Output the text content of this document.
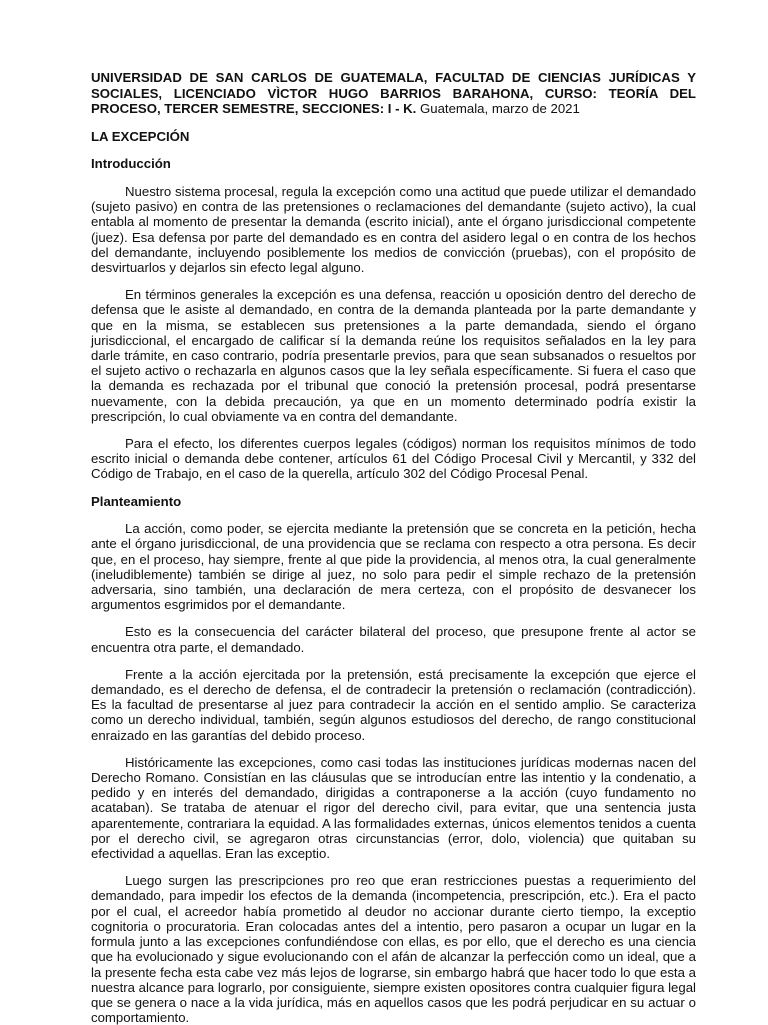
UNIVERSIDAD DE SAN CARLOS DE GUATEMALA, FACULTAD DE CIENCIAS JURÍDICAS Y SOCIALES, LICENCIADO VÌCTOR HUGO BARRIOS BARAHONA, CURSO: TEORÍA DEL PROCESO, TERCER SEMESTRE, SECCIONES: I - K. Guatemala, marzo de 2021

LA EXCEPCIÓN
Introducción

Nuestro sistema procesal, regula la excepción como una actitud que puede utilizar el demandado (sujeto pasivo) en contra de las pretensiones o reclamaciones del demandante (sujeto activo), la cual entabla al momento de presentar la demanda (escrito inicial), ante el órgano jurisdiccional competente (juez). Esa defensa por parte del demandado es en contra del asidero legal o en contra de los hechos del demandante, incluyendo posiblemente los medios de convicción (pruebas), con el propósito de desvirtuarlos y dejarlos sin efecto legal alguno.

En términos generales la excepción es una defensa, reacción u oposición dentro del derecho de defensa que le asiste al demandado, en contra de la demanda planteada por la parte demandante y que en la misma, se establecen sus pretensiones a la parte demandada, siendo el órgano jurisdiccional, el encargado de calificar sí la demanda reúne los requisitos señalados en la ley para darle trámite, en caso contrario, podría presentarle previos, para que sean subsanados o resueltos por el sujeto activo o rechazarla en algunos casos que la ley señala específicamente. Si fuera el caso que la demanda es rechazada por el tribunal que conoció la pretensión procesal, podrá presentarse nuevamente, con la debida precaución, ya que en un momento determinado podría existir la prescripción, lo cual obviamente va en contra del demandante.

Para el efecto, los diferentes cuerpos legales (códigos) norman los requisitos mínimos de todo escrito inicial o demanda debe contener, artículos 61 del Código Procesal Civil y Mercantil, y 332 del Código de Trabajo, en el caso de la querella, artículo 302 del Código Procesal Penal.

Planteamiento

La acción, como poder, se ejercita mediante la pretensión que se concreta en la petición, hecha ante el órgano jurisdiccional, de una providencia que se reclama con respecto a otra persona. Es decir que, en el proceso, hay siempre, frente al que pide la providencia, al menos otra, la cual generalmente (ineludiblemente) también se dirige al juez, no solo para pedir el simple rechazo de la pretensión adversaria, sino también, una declaración de mera certeza, con el propósito de desvanecer los argumentos esgrimidos por el demandante.

Esto es la consecuencia del carácter bilateral del proceso, que presupone frente al actor se encuentra otra parte, el demandado.

Frente a la acción ejercitada por la pretensión, está precisamente la excepción que ejerce el demandado, es el derecho de defensa, el de contradecir la pretensión o reclamación (contradicción). Es la facultad de presentarse al juez para contradecir la acción en el sentido amplio. Se caracteriza como un derecho individual, también, según algunos estudiosos del derecho, de rango constitucional enraizado en las garantías del debido proceso.

Históricamente las excepciones, como casi todas las instituciones jurídicas modernas nacen del Derecho Romano. Consistían en las cláusulas que se introducían entre las intentio y la condenatio, a pedido y en interés del demandado, dirigidas a contraponerse a la acción (cuyo fundamento no acataban). Se trataba de atenuar el rigor del derecho civil, para evitar, que una sentencia justa aparentemente, contrariara la equidad. A las formalidades externas, únicos elementos tenidos a cuenta por el derecho civil, se agregaron otras circunstancias (error, dolo, violencia) que quitaban su efectividad a aquellas. Eran las exceptio.

Luego surgen las prescripciones pro reo que eran restricciones puestas a requerimiento del demandado, para impedir los efectos de la demanda (incompetencia, prescripción, etc.). Era el pacto por el cual, el acreedor había prometido al deudor no accionar durante cierto tiempo, la exceptio cognitoria o procuratoria. Eran colocadas antes del a intentio, pero pasaron a ocupar un lugar en la formula junto a las excepciones confundiéndose con ellas, es por ello, que el derecho es una ciencia que ha evolucionado y sigue evolucionando con el afán de alcanzar la perfección como un ideal, que a la presente fecha esta cabe vez más lejos de lograrse, sin embargo habrá que hacer todo lo que esta a nuestra alcance para lograrlo, por consiguiente, siempre existen opositores contra cualquier figura legal que se genera o nace a la vida jurídica, más en aquellos casos que les podrá perjudicar en su actuar o comportamiento.
